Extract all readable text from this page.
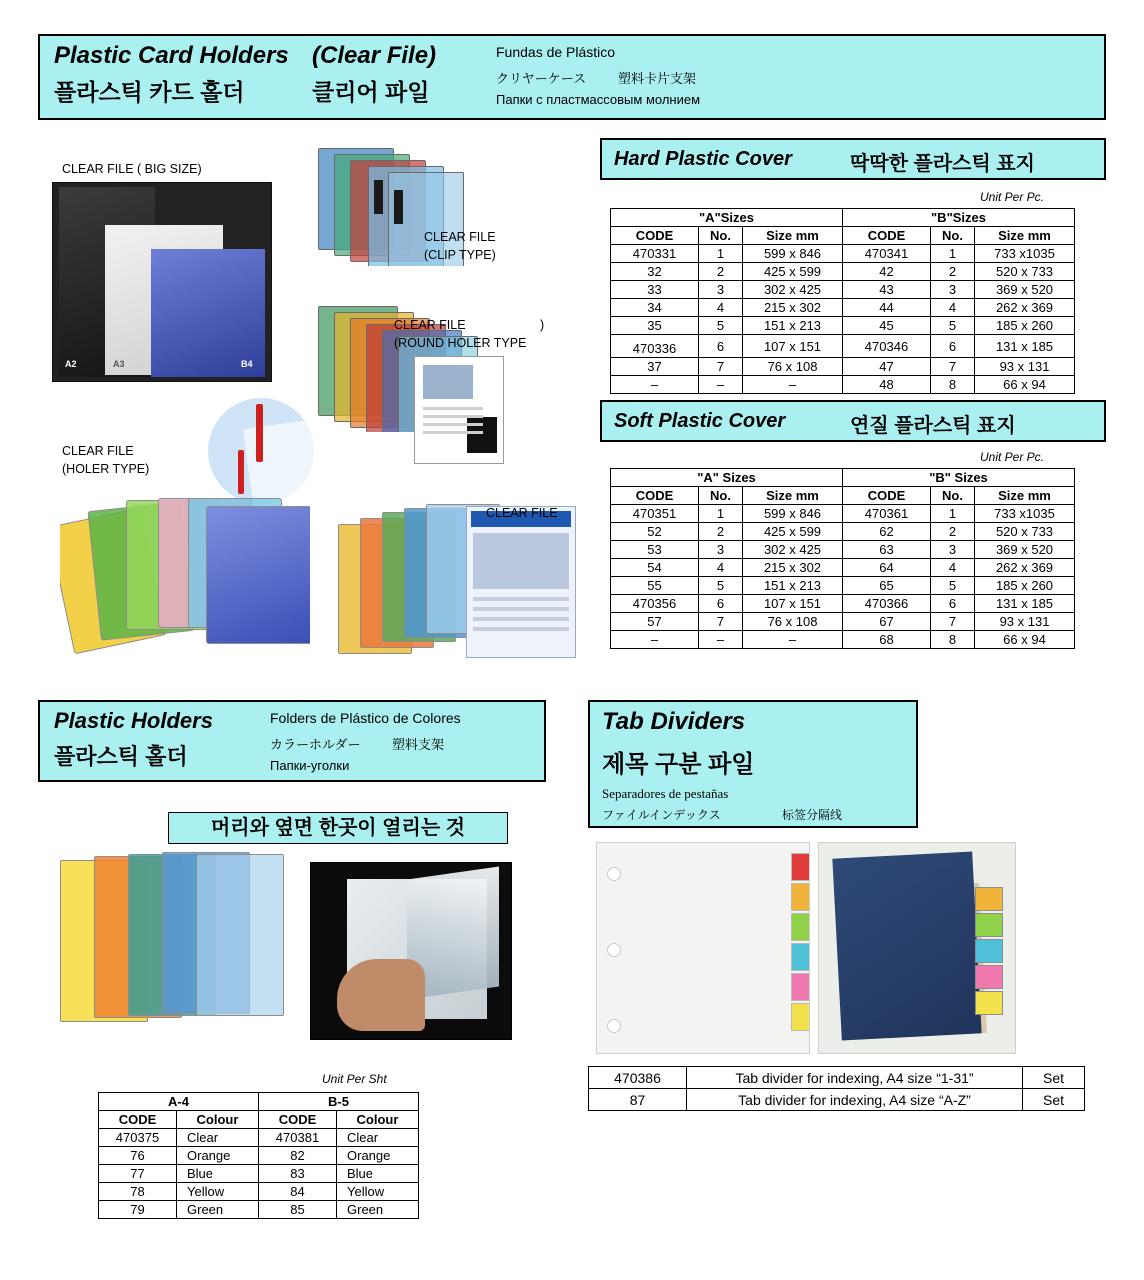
Plastic Card Holders (Clear File)
플라스틱 카드 홀더	클리어 파일
Fundas de Plástico
クリヤーケース 塑料卡片支架
Папки с пластмассовым молнием
CLEAR FILE ( BIG SIZE)
A2	A3	B4
CLEAR FILE
(CLIP TYPE)
CLEAR FILE
(ROUND HOLER TYPE
)
CLEAR FILE
(HOLER TYPE)
CLEAR FILE
Hard Plastic Cover	딱딱한 플라스틱 표지
Unit Per Pc.
"A"Sizes			"B"Sizes		
CODE	No.	Size mm	CODE	No.	Size mm
470331	1	599 x 846	470341	1	733 x1035
32	2	425 x 599	42	2	520 x 733
33	3	302 x 425	43	3	369 x 520
34	4	215 x 302	44	4	262 x 369
35	5	151 x 213	45	5	185 x 260
470336	6	107 x 151	470346	6	131 x 185
37	7	76 x 108	47	7	93 x 131
–	–	–	48	8	66 x 94
Soft Plastic Cover	연질 플라스틱 표지
Unit Per Pc.
"A" Sizes			"B" Sizes		
CODE	No.	Size mm	CODE	No.	Size mm
470351	1	599 x 846	470361	1	733 x1035
52	2	425 x 599	62	2	520 x 733
53	3	302 x 425	63	3	369 x 520
54	4	215 x 302	64	4	262 x 369
55	5	151 x 213	65	5	185 x 260
470356	6	107 x 151	470366	6	131 x 185
57	7	76 x 108	67	7	93 x 131
–	–	–	68	8	66 x 94
Plastic Holders
플라스틱 홀더
Folders de Plástico de Colores
カラーホルダー 塑料支架
Папки-уголки
머리와 옆면 한곳이 열리는 것
Unit Per Sht
A-4		B-5	
CODE	Colour	CODE	Colour
470375	Clear	470381	Clear
76	Orange	82	Orange
77	Blue	83	Blue
78	Yellow	84	Yellow
79	Green	85	Green
Tab Dividers
제목 구분 파일
Separadores de pestañas
ファイルインデックス	标签分隔线
470386	Tab divider for indexing, A4 size “1-31”	Set
87	Tab divider for indexing, A4 size “A-Z”	Set
